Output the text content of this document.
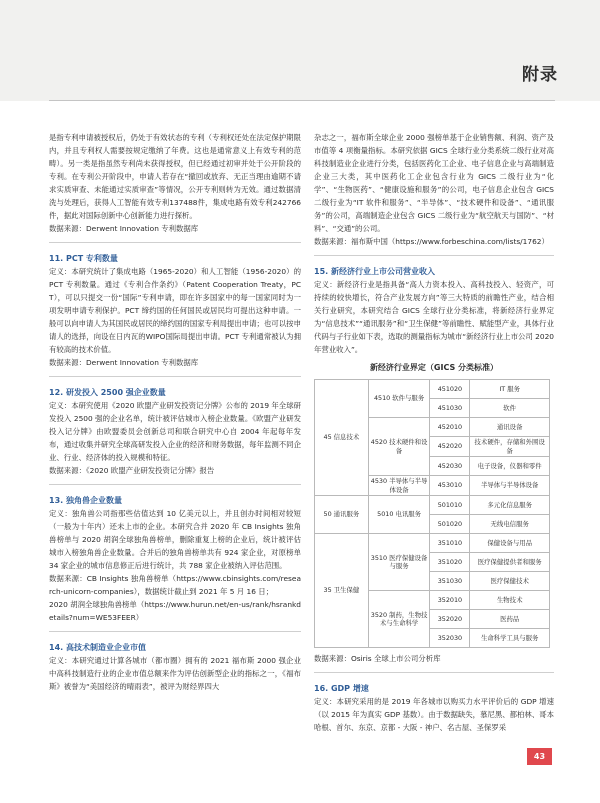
附录
是指专利申请被授权后，仍处于有效状态的专利（专利权还处在法定保护期限内，并且专利权人需要按规定缴纳了年费。这也是通常意义上有效专利的范畴）。另一类是指虽然专利尚未获得授权，但已经通过初审并处于公开阶段的专利。在专利公开阶段中，申请人若存在“撤回或放弃、无正当理由逾期不请求实质审查、未能通过实质审查”等情况，公开专利则转为无效。通过数据清洗与处理后，获得人工智能有效专利137488件，集成电路有效专利242766件，据此对国际创新中心创新能力进行探析。
数据来源：Derwent Innovation 专利数据库
11. PCT 专利数量
定义：本研究统计了集成电路（1965-2020）和人工智能（1956-2020）的 PCT 专利数量。通过《专利合作条约》（Patent Cooperation Treaty，PCT），可以只提交一份“国际”专利申请，即在许多国家中的每一国家同时为一项发明申请专利保护。PCT 缔约国的任何国民或居民均可提出这种申请。一般可以向申请人为其国民或居民的缔约国的国家专利局提出申请；也可以按申请人的选择，向设在日内瓦的WIPO国际局提出申请。PCT 专利通常被认为拥有较高的技术价值。
数据来源：Derwent Innovation 专利数据库
12. 研发投入 2500 强企业数量
定义：本研究使用《2020 欧盟产业研发投资记分牌》公布的 2019 年全球研发投入 2500 强的企业名单，统计被评估城市入榜企业数量。《欧盟产业研发投入记分牌》由欧盟委员会创新总司和联合研究中心自 2004 年起每年发布，通过收集并研究全球高研发投入企业的经济和财务数据，每年监测不同企业、行业、经济体的投入规模和特征。
数据来源：《2020 欧盟产业研发投资记分牌》报告
13. 独角兽企业数量
定义：独角兽公司指那些估值达到 10 亿美元以上，并且创办时间相对较短（一般为十年内）还未上市的企业。本研究合并 2020 年 CB Insights 独角兽榜单与 2020 胡润全球独角兽榜单，删除重复上榜的企业后，统计被评估城市入榜独角兽企业数量。合并后的独角兽榜单共有 924 家企业，对原榜单 34 家企业的城市信息修正后进行统计，共 788 家企业被纳入评估范围。
数据来源：CB Insights 独角兽榜单（https://www.cbinsights.com/research-unicorn-companies），数据统计截止到 2021 年 5 月 16 日；
2020 胡润全球独角兽榜单（https://www.hurun.net/en-us/rank/hsrankdetails?num=WE53FEER）
14. 高技术制造业企业市值
定义：本研究通过计算各城市（都市圈）拥有的 2021 福布斯 2000 强企业中高科技制造行业的企业市值总额来作为评估创新型企业的指标之一，《福布斯》被誉为“美国经济的晴雨表”，被评为财经界四大
杂志之一，福布斯全球企业 2000 强榜单基于企业销售额、利润、资产及市值等 4 项衡量指标。本研究依据 GICS 全球行业分类系统二级行业对高科技制造业企业进行分类，包括医药化工企业、电子信息企业与高端制造企业三大类，其中医药化工企业包含行业为 GICS 二级行业为“化学”、“生物医药”、“健康设施和服务”的公司，电子信息企业包含 GICS 二级行业为“IT 软件和服务”、“半导体”、“技术硬件和设备”、“通讯服务”的公司，高端制造企业包含 GICS 二级行业为“航空航天与国防”、“材料”、“交通”的公司。
数据来源：福布斯中国（https://www.forbeschina.com/lists/1762）
15. 新经济行业上市公司营业收入
定义：新经济行业是指具备“高人力资本投入、高科技投入、轻资产，可持续的较快增长，符合产业发展方向”等三大特质的前瞻性产业，结合相关行业研究，本研究结合 GICS 全球行业分类标准，将新经济行业界定为“信息技术”“通讯服务”和“卫生保健”等前瞻性、赋能型产业，具体行业代码与子行业如下表，选取的测量指标为城市“新经济行业上市公司 2020 年营业收入”。
新经济行业界定（GICS 分类标准）
45 信息技术	4510 软件与服务	451020	IT 服务
		451030	软件
	4520 技术硬件和设备	452010	通讯设备
		452020	技术硬件，存储和外围设备
		452030	电子设备，仪器和零件
	4530 半导体与半导体设备	453010	半导体与半导体设备
50 通讯服务	5010 电讯服务	501010	多元化信息服务
		501020	无线电信服务
35 卫生保健	3510 医疗保健设备与服务	351010	保健设备与用品
		351020	医疗保健提供者和服务
		351030	医疗保健技术
	3520 制药，生物技术与生命科学	352010	生物技术
		352020	医药品
		352030	生命科学工具与服务
数据来源：Osiris 全球上市公司分析库
16. GDP 增速
定义：本研究采用的是 2019 年各城市以购买力水平评价后的 GDP 增速（以 2015 年为真实 GDP 基数）。由于数据缺失，慕尼黑、都柏林、哥本哈根、首尔、东京、京都 - 大阪 - 神户、名古屋、圣保罗采
43
